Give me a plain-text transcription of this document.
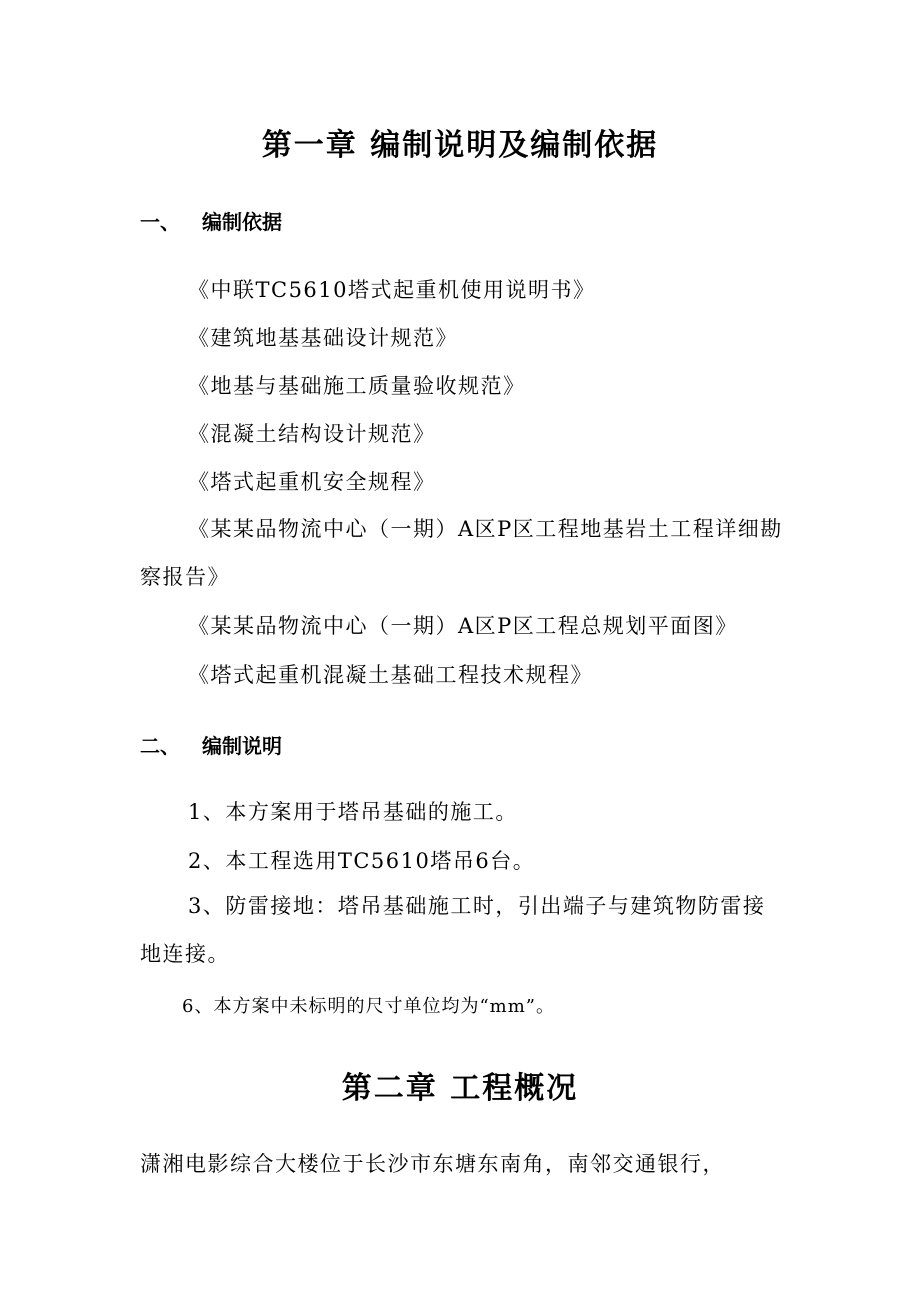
第一章 编制说明及编制依据
一、 编制依据
《中联TC5610塔式起重机使用说明书》
《建筑地基基础设计规范》
《地基与基础施工质量验收规范》
《混凝土结构设计规范》
《塔式起重机安全规程》
《某某品物流中心（一期）A区P区工程地基岩土工程详细勘察报告》
《某某品物流中心（一期）A区P区工程总规划平面图》
《塔式起重机混凝土基础工程技术规程》
二、 编制说明
1、本方案用于塔吊基础的施工。
2、本工程选用TC5610塔吊6台。
3、防雷接地：塔吊基础施工时，引出端子与建筑物防雷接地连接。
6、本方案中未标明的尺寸单位均为“mm”。
第二章 工程概况
潇湘电影综合大楼位于长沙市东塘东南角，南邻交通银行，
